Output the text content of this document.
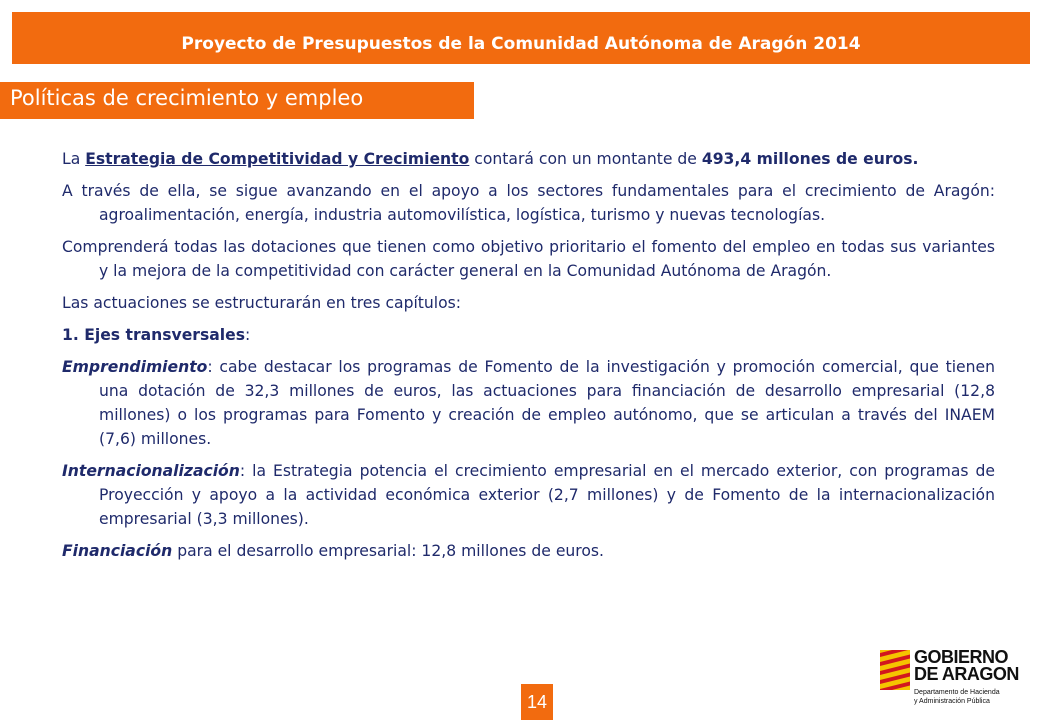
Proyecto de Presupuestos de la Comunidad Autónoma de Aragón 2014
Políticas de crecimiento y empleo

La Estrategia de Competitividad y Crecimiento contará con un montante de 493,4 millones de euros.

A través de ella, se sigue avanzando en el apoyo a los sectores fundamentales para el crecimiento de Aragón: agroalimentación, energía, industria automovilística, logística, turismo y nuevas tecnologías.

Comprenderá todas las dotaciones que tienen como objetivo prioritario el fomento del empleo en todas sus variantes y la mejora de la competitividad con carácter general en la Comunidad Autónoma de Aragón.

Las actuaciones se estructurarán en tres capítulos:

1. Ejes transversales:

Emprendimiento: cabe destacar los programas de Fomento de la investigación y promoción comercial, que tienen una dotación de 32,3 millones de euros, las actuaciones para financiación de desarrollo empresarial (12,8 millones) o los programas para Fomento y creación de empleo autónomo, que se articulan a través del INAEM (7,6) millones.

Internacionalización: la Estrategia potencia el crecimiento empresarial en el mercado exterior, con programas de Proyección y apoyo a la actividad económica exterior (2,7 millones) y de Fomento de la internacionalización empresarial (3,3 millones).

Financiación para el desarrollo empresarial: 12,8 millones de euros.

14
GOBIERNO
DE ARAGON
Departamento de Hacienda
y Administración Pública
